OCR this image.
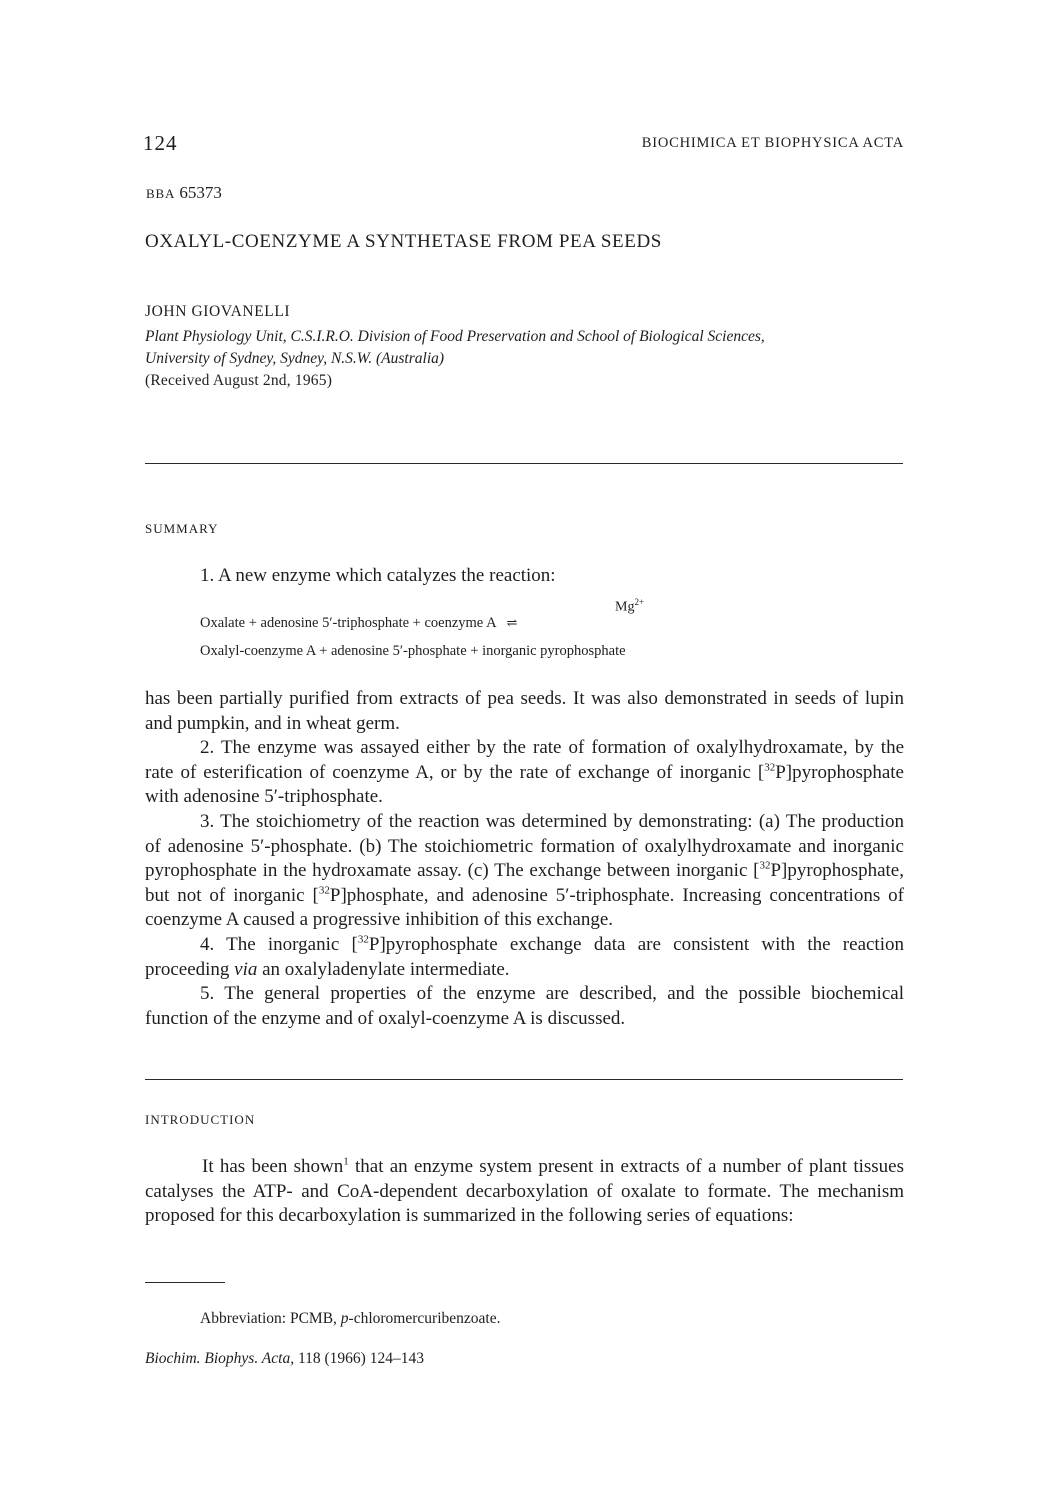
124	BIOCHIMICA ET BIOPHYSICA ACTA
BBA 65373
OXALYL-COENZYME A SYNTHETASE FROM PEA SEEDS
JOHN GIOVANELLI
Plant Physiology Unit, C.S.I.R.O. Division of Food Preservation and School of Biological Sciences,
University of Sydney, Sydney, N.S.W. (Australia)
(Received August 2nd, 1965)
SUMMARY
1. A new enzyme which catalyzes the reaction:
$Mg^{2+}$
Oxalate + adenosine 5′-triphosphate + coenzyme A ⇌
Oxalyl-coenzyme A + adenosine 5′-phosphate + inorganic pyrophosphate

has been partially purified from extracts of pea seeds. It was also demonstrated in seeds of lupin and pumpkin, and in wheat germ.

2. The enzyme was assayed either by the rate of formation of oxalylhydroxamate, by the rate of esterification of coenzyme A, or by the rate of exchange of inorganic [$^{32}$P]pyrophosphate with adenosine 5′-triphosphate.

3. The stoichiometry of the reaction was determined by demonstrating: (a) The production of adenosine 5′-phosphate. (b) The stoichiometric formation of oxalylhydroxamate and inorganic pyrophosphate in the hydroxamate assay. (c) The exchange between inorganic [$^{32}$P]pyrophosphate, but not of inorganic [$^{32}$P]phosphate, and adenosine 5′-triphosphate. Increasing concentrations of coenzyme A caused a progressive inhibition of this exchange.

4. The inorganic [$^{32}$P]pyrophosphate exchange data are consistent with the reaction proceeding via an oxalyladenylate intermediate.

5. The general properties of the enzyme are described, and the possible biochemical function of the enzyme and of oxalyl-coenzyme A is discussed.

INTRODUCTION

It has been shown$^1$ that an enzyme system present in extracts of a number of plant tissues catalyses the ATP- and CoA-dependent decarboxylation of oxalate to formate. The mechanism proposed for this decarboxylation is summarized in the following series of equations:

Abbreviation: PCMB, p-chloromercuribenzoate.
Biochim. Biophys. Acta, 118 (1966) 124–143
